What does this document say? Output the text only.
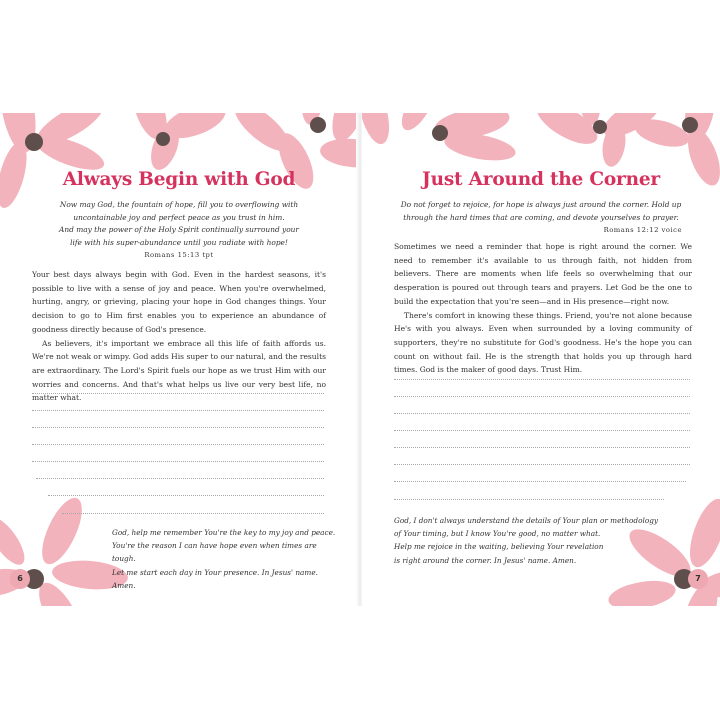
Always Begin with God

Now may God, the fountain of hope, fill you to overflowing with

uncontainable joy and perfect peace as you trust in him.

And may the power of the Holy Spirit continually surround your

life with his super-abundance until you radiate with hope!

Romans 15:13 tpt

Your best days always begin with God. Even in the hardest seasons, it's possible to live with a sense of joy and peace. When you're overwhelmed, hurting, angry, or grieving, placing your hope in God changes things. Your decision to go to Him first enables you to experience an abundance of goodness directly because of God's presence.

As believers, it's important we embrace all this life of faith affords us. We're not weak or wimpy. God adds His super to our natural, and the results are extraordinary. The Lord's Spirit fuels our hope as we trust Him with our worries and concerns. And that's what helps us live our very best life, no matter what.

God, help me remember You're the key to my joy and peace.

You're the reason I can have hope even when times are tough.

Let me start each day in Your presence. In Jesus' name. Amen.

6
Just Around the Corner

Do not forget to rejoice, for hope is always just around the corner. Hold up

through the hard times that are coming, and devote yourselves to prayer.

Romans 12:12 voice

Sometimes we need a reminder that hope is right around the corner. We need to remember it's available to us through faith, not hidden from believers. There are moments when life feels so overwhelming that our desperation is poured out through tears and prayers. Let God be the one to build the expectation that you're seen—and in His presence—right now.

There's comfort in knowing these things. Friend, you're not alone because He's with you always. Even when surrounded by a loving community of supporters, they're no substitute for God's goodness. He's the hope you can count on without fail. He is the strength that holds you up through hard times. God is the maker of good days. Trust Him.

God, I don't always understand the details of Your plan or methodology

of Your timing, but I know You're good, no matter what.

Help me rejoice in the waiting, believing Your revelation

is right around the corner. In Jesus' name. Amen.

7
